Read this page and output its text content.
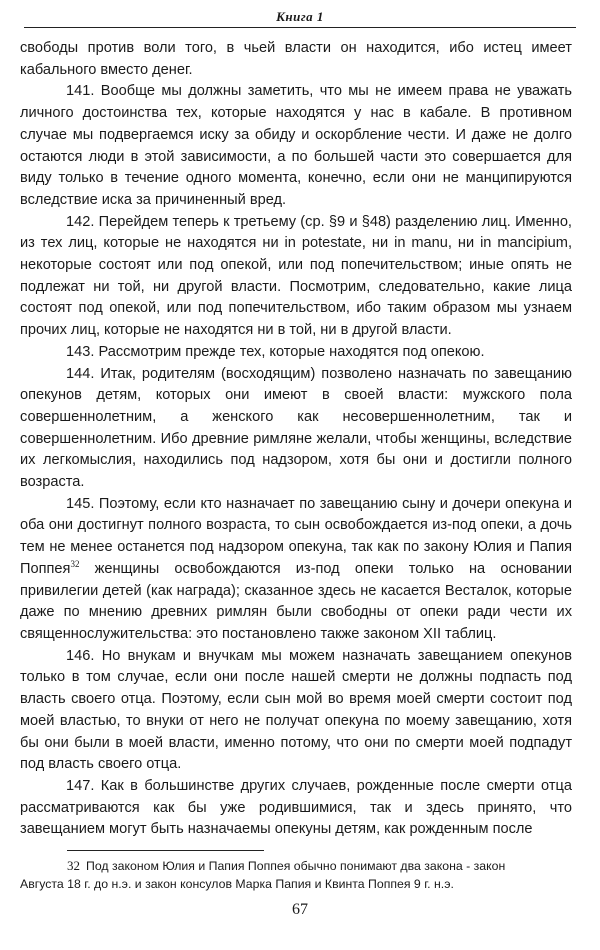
Книга 1

свободы против воли того, в чьей власти он находится, ибо истец имеет кабального вместо денег.

141. Вообще мы должны заметить, что мы не имеем права не уважать личного достоинства тех, которые находятся у нас в кабале. В противном случае мы подвергаемся иску за обиду и оскорбление чести. И даже не долго остаются люди в этой зависимости, а по большей части это совершается для виду только в течение одного момента, конечно, если они не манципируются вследствие иска за причиненный вред.

142. Перейдем теперь к третьему (ср. §9 и §48) разделению лиц. Именно, из тех лиц, которые не находятся ни in potestate, ни in manu, ни in mancipium, некоторые состоят или под опекой, или под попечительством; иные опять не подлежат ни той, ни другой власти. Посмотрим, следовательно, какие лица состоят под опекой, или под попечительством, ибо таким образом мы узнаем прочих лиц, которые не находятся ни в той, ни в другой власти.

143. Рассмотрим прежде тех, которые находятся под опекою.

144. Итак, родителям (восходящим) позволено назначать по завещанию опекунов детям, которых они имеют в своей власти: мужского пола совершеннолетним, а женского как несовершеннолетним, так и совершеннолетним. Ибо древние римляне желали, чтобы женщины, вследствие их легкомыслия, находились под надзором, хотя бы они и достигли полного возраста.

145. Поэтому, если кто назначает по завещанию сыну и дочери опекуна и оба они достигнут полного возраста, то сын освобождается из-под опеки, а дочь тем не менее останется под надзором опекуна, так как по закону Юлия и Папия Поппея$^{32}$ женщины освобождаются из-под опеки только на основании привилегии детей (как награда); сказанное здесь не касается Весталок, которые даже по мнению древних римлян были свободны от опеки ради чести их священнослужительства: это постановлено также законом XII таблиц.

146. Но внукам и внучкам мы можем назначать завещанием опекунов только в том случае, если они после нашей смерти не должны подпасть под власть своего отца. Поэтому, если сын мой во время моей смерти состоит под моей властью, то внуки от него не получат опекуна по моему завещанию, хотя бы они были в моей власти, именно потому, что они по смерти моей подпадут под власть своего отца.

147. Как в большинстве других случаев, рожденные после смерти отца рассматриваются как бы уже родившимися, так и здесь принято, что завещанием могут быть назначаемы опекуны детям, как рожденным после

32 Под законом Юлия и Папия Поппея обычно понимают два закона - закон
Августа 18 г. до н.э. и закон консулов Марка Папия и Квинта Поппея 9 г. н.э.
67
